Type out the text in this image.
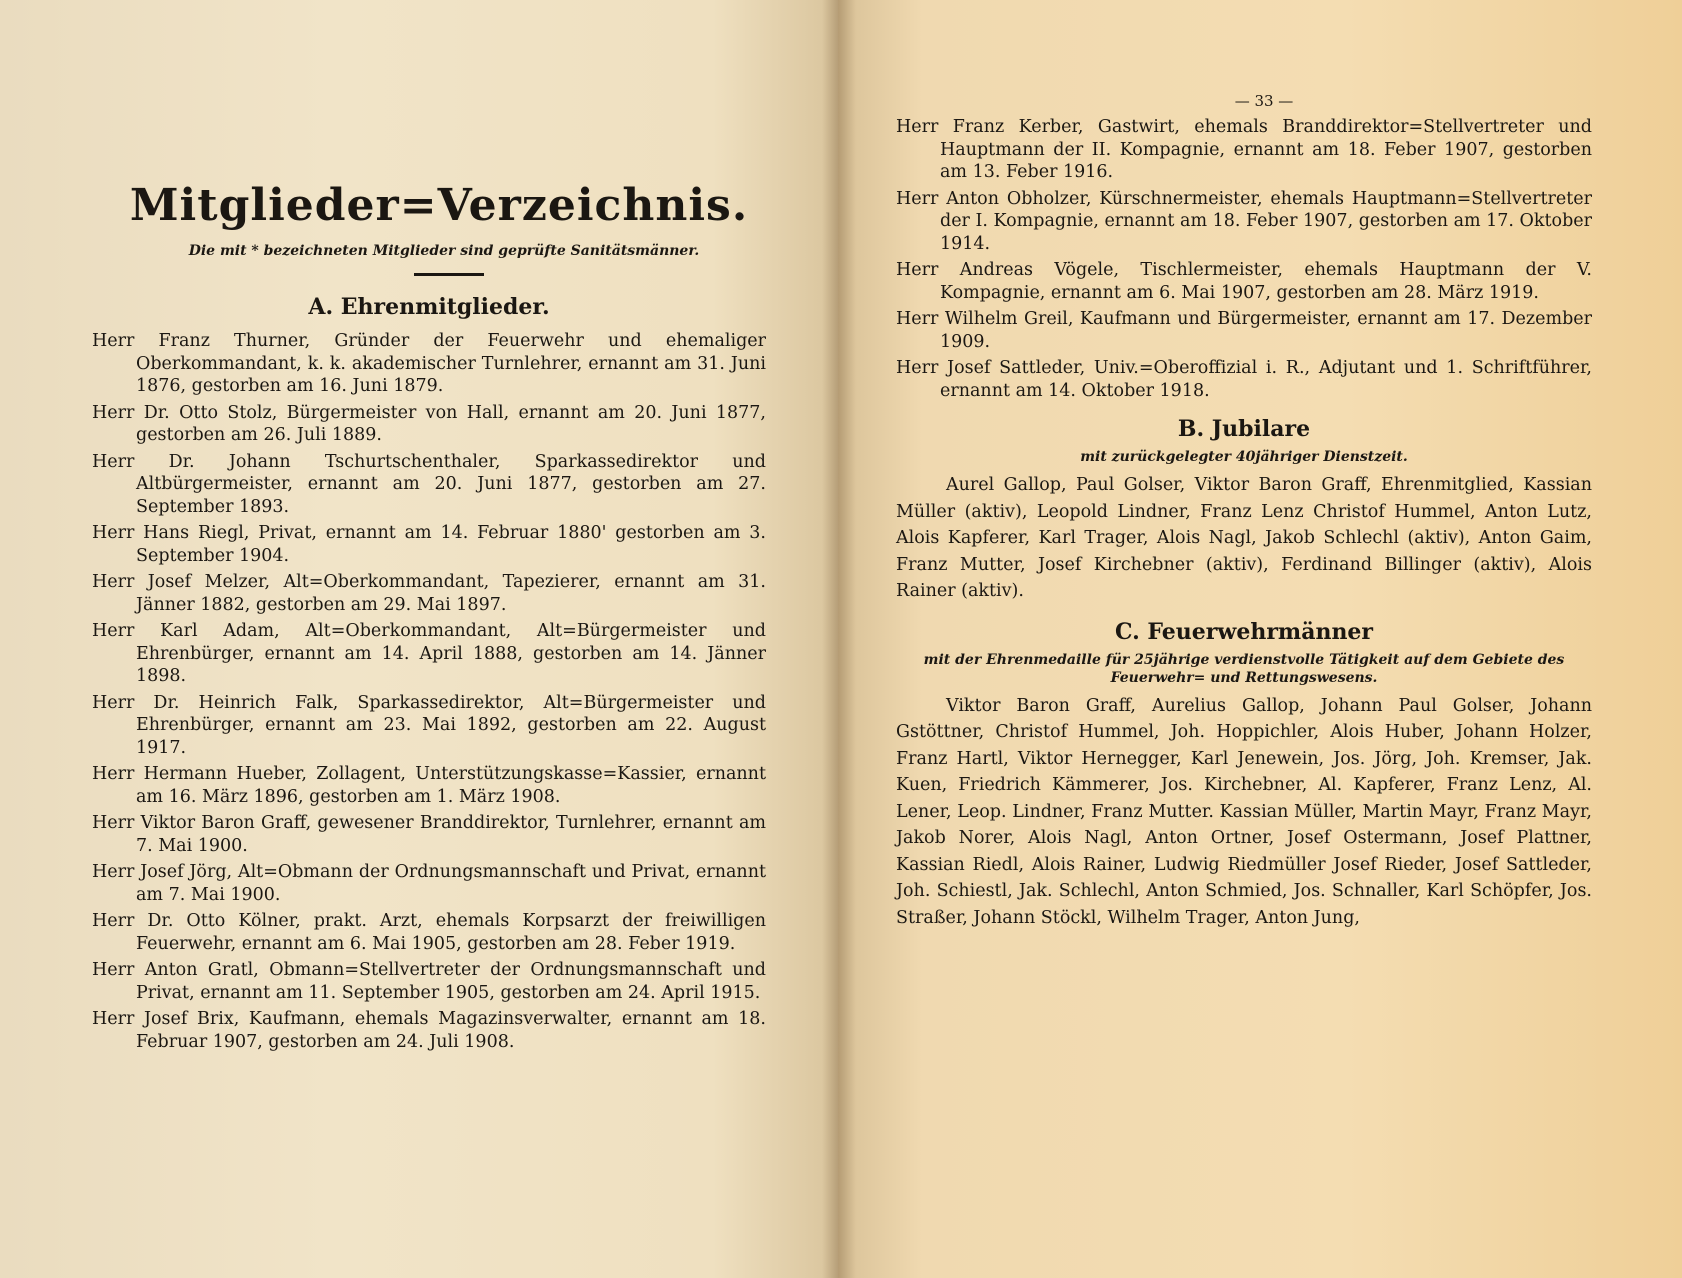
Mitglieder=Verzeichnis.

Die mit * bezeichneten Mitglieder sind geprüfte Sanitätsmänner.

A. Ehrenmitglieder.

Herr Franz Thurner, Gründer der Feuerwehr und ehemaliger Oberkommandant, k. k. akademischer Turnlehrer, ernannt am 31. Juni 1876, gestorben am 16. Juni 1879.

Herr Dr. Otto Stolz, Bürgermeister von Hall, ernannt am 20. Juni 1877, gestorben am 26. Juli 1889.

Herr Dr. Johann Tschurtschenthaler, Sparkassedirektor und Altbürgermeister, ernannt am 20. Juni 1877, gestorben am 27. September 1893.

Herr Hans Riegl, Privat, ernannt am 14. Februar 1880' gestorben am 3. September 1904.

Herr Josef Melzer, Alt=Oberkommandant, Tapezierer, ernannt am 31. Jänner 1882, gestorben am 29. Mai 1897.

Herr Karl Adam, Alt=Oberkommandant, Alt=Bürgermeister und Ehrenbürger, ernannt am 14. April 1888, gestorben am 14. Jänner 1898.

Herr Dr. Heinrich Falk, Sparkassedirektor, Alt=Bürgermeister und Ehrenbürger, ernannt am 23. Mai 1892, gestorben am 22. August 1917.

Herr Hermann Hueber, Zollagent, Unterstützungskasse=Kassier, ernannt am 16. März 1896, gestorben am 1. März 1908.

Herr Viktor Baron Graff, gewesener Branddirektor, Turnlehrer, ernannt am 7. Mai 1900.

Herr Josef Jörg, Alt=Obmann der Ordnungsmannschaft und Privat, ernannt am 7. Mai 1900.

Herr Dr. Otto Kölner, prakt. Arzt, ehemals Korpsarzt der freiwilligen Feuerwehr, ernannt am 6. Mai 1905, gestorben am 28. Feber 1919.

Herr Anton Gratl, Obmann=Stellvertreter der Ordnungsmannschaft und Privat, ernannt am 11. September 1905, gestorben am 24. April 1915.

Herr Josef Brix, Kaufmann, ehemals Magazinsverwalter, ernannt am 18. Februar 1907, gestorben am 24. Juli 1908.

— 33 —

Herr Franz Kerber, Gastwirt, ehemals Branddirektor=Stellvertreter und Hauptmann der II. Kompagnie, ernannt am 18. Feber 1907, gestorben am 13. Feber 1916.

Herr Anton Obholzer, Kürschnermeister, ehemals Hauptmann=Stellvertreter der I. Kompagnie, ernannt am 18. Feber 1907, gestorben am 17. Oktober 1914.

Herr Andreas Vögele, Tischlermeister, ehemals Hauptmann der V. Kompagnie, ernannt am 6. Mai 1907, gestorben am 28. März 1919.

Herr Wilhelm Greil, Kaufmann und Bürgermeister, ernannt am 17. Dezember 1909.

Herr Josef Sattleder, Univ.=Oberoffizial i. R., Adjutant und 1. Schriftführer, ernannt am 14. Oktober 1918.

B. Jubilare

mit zurückgelegter 40jähriger Dienstzeit.

Aurel Gallop, Paul Golser, Viktor Baron Graff, Ehrenmitglied, Kassian Müller (aktiv), Leopold Lindner, Franz Lenz Christof Hummel, Anton Lutz, Alois Kapferer, Karl Trager, Alois Nagl, Jakob Schlechl (aktiv), Anton Gaim, Franz Mutter, Josef Kirchebner (aktiv), Ferdinand Billinger (aktiv), Alois Rainer (aktiv).

C. Feuerwehrmänner

mit der Ehrenmedaille für 25jährige verdienstvolle Tätigkeit auf dem Gebiete des Feuerwehr= und Rettungswesens.

Viktor Baron Graff, Aurelius Gallop, Johann Paul Golser, Johann Gstöttner, Christof Hummel, Joh. Hoppichler, Alois Huber, Johann Holzer, Franz Hartl, Viktor Hernegger, Karl Jenewein, Jos. Jörg, Joh. Kremser, Jak. Kuen, Friedrich Kämmerer, Jos. Kirchebner, Al. Kapferer, Franz Lenz, Al. Lener, Leop. Lindner, Franz Mutter. Kassian Müller, Martin Mayr, Franz Mayr, Jakob Norer, Alois Nagl, Anton Ortner, Josef Ostermann, Josef Plattner, Kassian Riedl, Alois Rainer, Ludwig Riedmüller Josef Rieder, Josef Sattleder, Joh. Schiestl, Jak. Schlechl, Anton Schmied, Jos. Schnaller, Karl Schöpfer, Jos. Straßer, Johann Stöckl, Wilhelm Trager, Anton Jung,
